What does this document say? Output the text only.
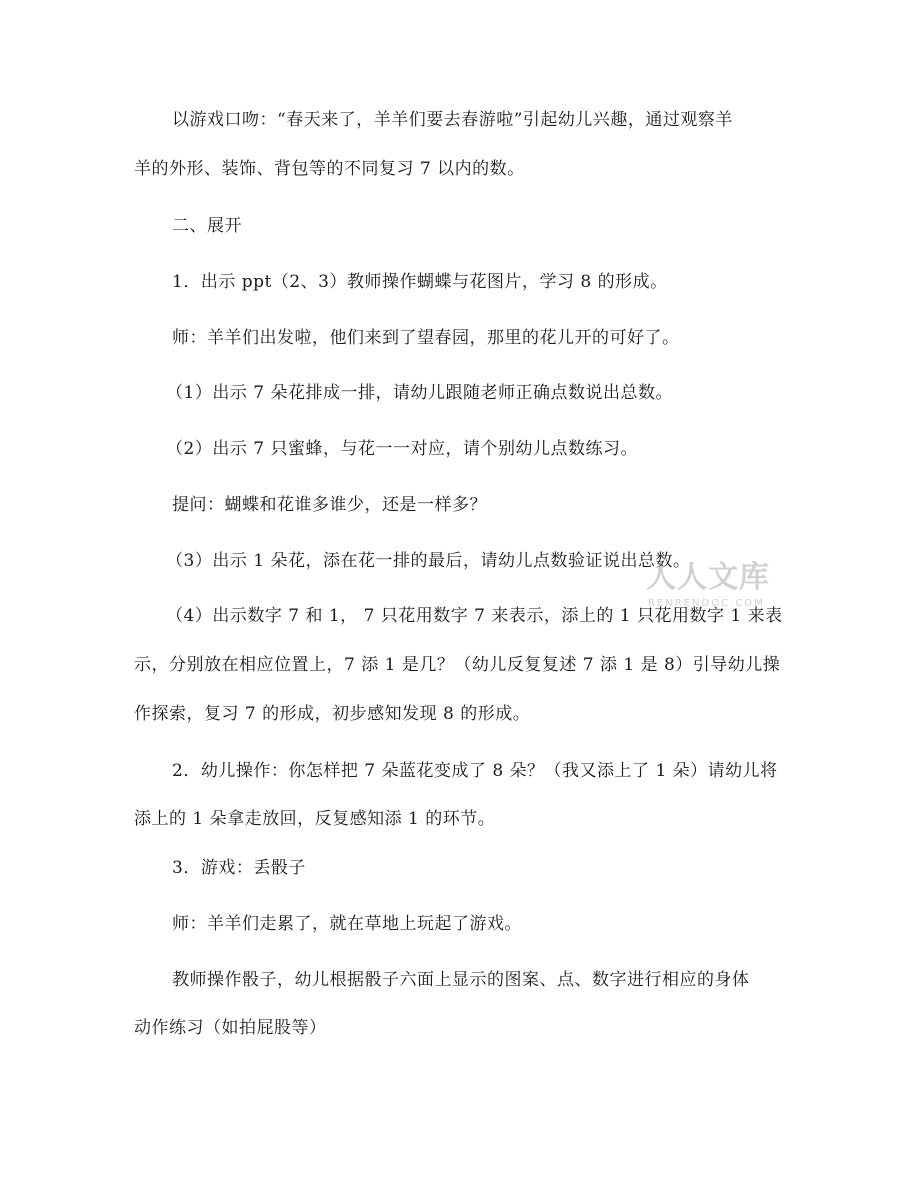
以游戏口吻：“春天来了，羊羊们要去春游啦”引起幼儿兴趣，通过观察羊
羊的外形、装饰、背包等的不同复习 7 以内的数。
二、展开
1．出示 ppt（2、3）教师操作蝴蝶与花图片，学习 8 的形成。
师：羊羊们出发啦，他们来到了望春园，那里的花儿开的可好了。
（1）出示 7 朵花排成一排，请幼儿跟随老师正确点数说出总数。
（2）出示 7 只蜜蜂，与花一一对应，请个别幼儿点数练习。
提问：蝴蝶和花谁多谁少，还是一样多？
（3）出示 1 朵花，添在花一排的最后，请幼儿点数验证说出总数。
（4）出示数字 7 和 1， 7 只花用数字 7 来表示，添上的 1 只花用数字 1 来表
示，分别放在相应位置上，7 添 1 是几？（幼儿反复复述 7 添 1 是 8）引导幼儿操
作探索，复习 7 的形成，初步感知发现 8 的形成。
2．幼儿操作：你怎样把 7 朵蓝花变成了 8 朵？（我又添上了 1 朵）请幼儿将
添上的 1 朵拿走放回，反复感知添 1 的环节。
3．游戏：丢骰子
师：羊羊们走累了，就在草地上玩起了游戏。
教师操作骰子，幼儿根据骰子六面上显示的图案、点、数字进行相应的身体
动作练习（如拍屁股等）
人人文库
RENRENDOC.COM
